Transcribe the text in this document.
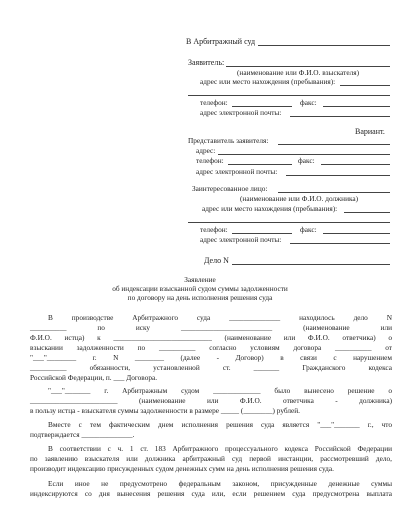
В Арбитражный суд
Заявитель:
(наименование или Ф.И.О. взыскателя)
адрес или место нахождения (пребывания):
телефон:	факс:
адрес электронной почты:
Вариант.
Представитель заявителя:
адрес:
телефон:	факс:
адрес электронной почты:
Заинтересованное лицо:
(наименование или Ф.И.О. должника)
адрес или место нахождения (пребывания):
телефон:	факс:
адрес электронной почты:
Дело N
Заявление
об индексации взысканной судом суммы задолженности
по договору на день исполнения решения суда
В производстве Арбитражного суда ______________ находилось дело N
__________ по иску _________________________ (наименование или
Ф.И.О. истца) к ___________________________ (наименование или Ф.И.О. ответчика) о
взыскании задолженности по __________ согласно условиям договора __________ от
"___"________ г. N ________ (далее - Договор) в связи с нарушением
__________ обязанности, установленной ст. _______ Гражданского кодекса
Российской Федерации, п. ___ Договора.
"___"_______ г. Арбитражным судом _____________ было вынесено решение о
________________________ (наименование или Ф.И.О. ответчика - должника)
в пользу истца - взыскателя суммы задолженности в размере _____ (________) рублей.
Вместе с тем фактическим днем исполнения решения суда является "___"_______ г., что
подтверждается ______________.
В соответствии с ч. 1 ст. 183 Арбитражного процессуального кодекса Российской Федерации
по заявлению взыскателя или должника арбитражный суд первой инстанции, рассмотревший дело,
производит индексацию присужденных судом денежных сумм на день исполнения решения суда.
Если иное не предусмотрено федеральным законом, присужденные денежные суммы
индексируются со дня вынесения решения суда или, если решением суда предусмотрена выплата
